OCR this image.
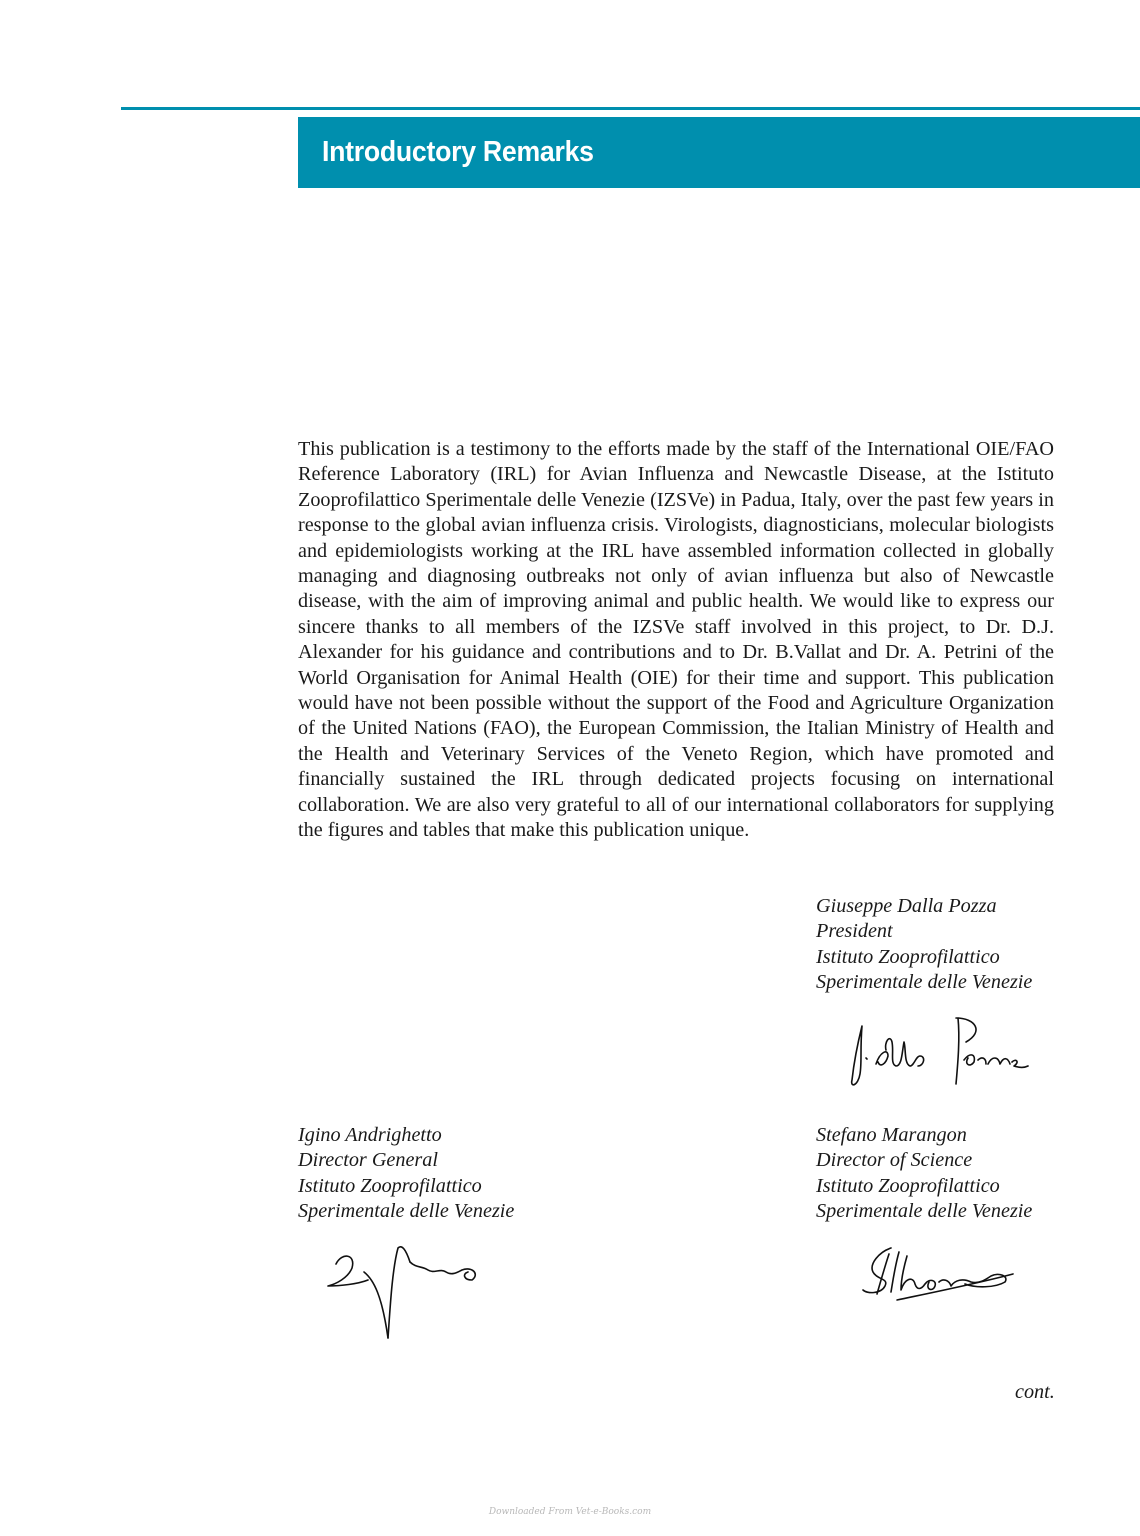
Introductory Remarks

This publication is a testimony to the efforts made by the staff of the International OIE/FAO Reference Laboratory (IRL) for Avian Influenza and Newcastle Disease, at the Istituto Zooprofilattico Sperimentale delle Venezie (IZSVe) in Padua, Italy, over the past few years in response to the global avian influenza crisis. Virologists, diagnosticians, molecular biologists and epidemiologists working at the IRL have assembled information collected in globally managing and diagnosing outbreaks not only of avian influenza but also of Newcastle disease, with the aim of improving animal and public health. We would like to express our sincere thanks to all members of the IZSVe staff involved in this project, to Dr. D.J. Alexander for his guidance and contributions and to Dr. B.Vallat and Dr. A. Petrini of the World Organisation for Animal Health (OIE) for their time and support. This publication would have not been possible without the support of the Food and Agriculture Organization of the United Nations (FAO), the European Commission, the Italian Ministry of Health and the Health and Veterinary Services of the Veneto Region, which have promoted and financially sustained the IRL through dedicated projects focusing on international collaboration. We are also very grateful to all of our international collaborators for supplying the figures and tables that make this publication unique.

Giuseppe Dalla Pozza
President
Istituto Zooprofilattico
Sperimentale delle Venezie
Igino Andrighetto
Director General
Istituto Zooprofilattico
Sperimentale delle Venezie
Stefano Marangon
Director of Science
Istituto Zooprofilattico
Sperimentale delle Venezie
cont.
Downloaded From Vet-e-Books.com
